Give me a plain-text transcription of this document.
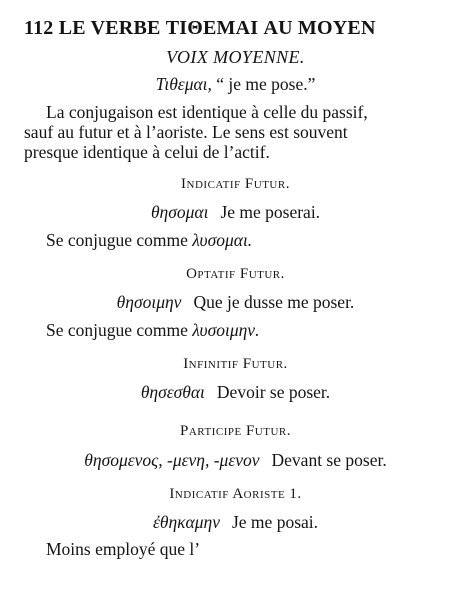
112 LE VERBE ΤΙΘΕΜΑΙ AU MOYEN
VOIX MOYENNE.
Τιθεμαι, “ je me pose.”
La conjugaison est identique à celle du passif,
sauf au futur et à l’aoriste. Le sens est souvent
presque identique à celui de l’actif.
Indicatif Futur.
θησομαι Je me poserai.
Se conjugue comme λυσομαι.
Optatif Futur.
θησοιμην Que je dusse me poser.
Se conjugue comme λυσοιμην.
Infinitif Futur.
θησεσθαι Devoir se poser.
Participe Futur.
θησομενος, -μενη, -μενον Devant se poser.
Indicatif Aoriste 1.
ἐθηκαμην Je me posai.
Moins employé que l’
